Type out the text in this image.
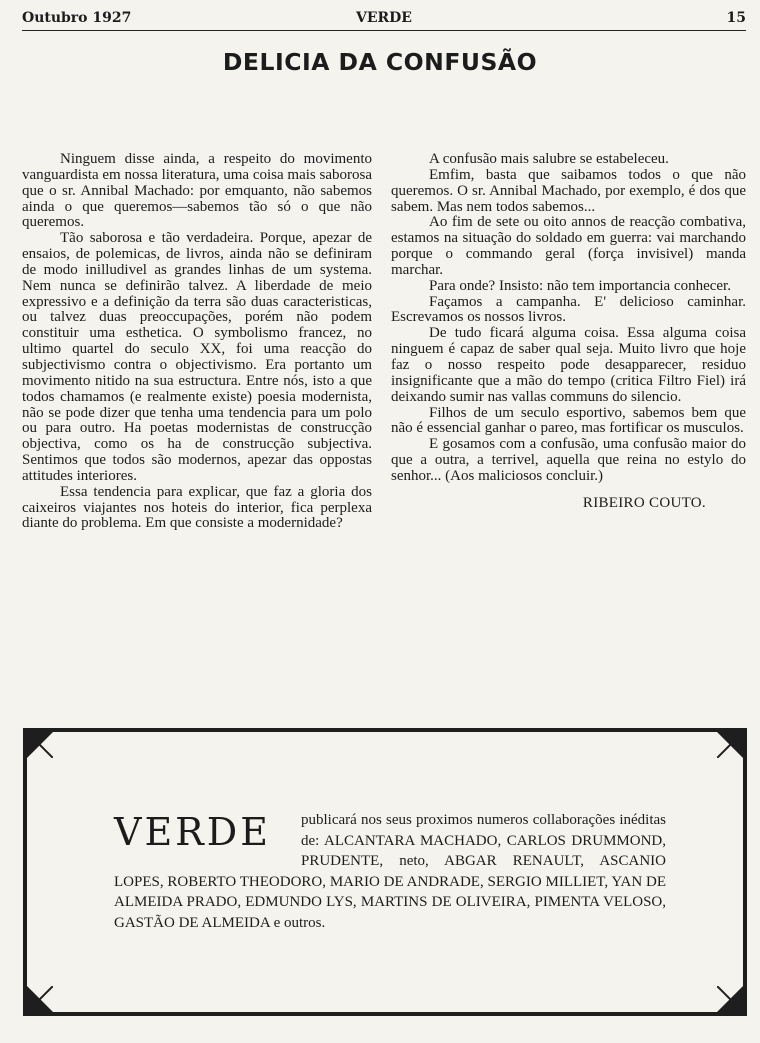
Outubro 1927	VERDE	15
DELICIA DA CONFUSÃO

Ninguem disse ainda, a respeito do movimento vanguardista em nossa literatura, uma coisa mais saborosa que o sr. Annibal Machado: por emquanto, não sabemos ainda o que queremos—sabemos tão só o que não queremos.

Tão saborosa e tão verdadeira. Porque, apezar de ensaios, de polemicas, de livros, ainda não se definiram de modo inilludivel as grandes linhas de um systema. Nem nunca se definirão talvez. A liberdade de meio expressivo e a definição da terra são duas caracteristicas, ou talvez duas preoccupações, porém não podem constituir uma esthetica. O symbolismo francez, no ultimo quartel do seculo XX, foi uma reacção do subjectivismo contra o objectivismo. Era portanto um movimento nitido na sua estructura. Entre nós, isto a que todos chamamos (e realmente existe) poesia modernista, não se pode dizer que tenha uma tendencia para um polo ou para outro. Ha poetas modernistas de construcção objectiva, como os ha de construcção subjectiva. Sentimos que todos são modernos, apezar das oppostas attitudes interiores.

Essa tendencia para explicar, que faz a gloria dos caixeiros viajantes nos hoteis do interior, fica perplexa diante do problema. Em que consiste a modernidade?

A confusão mais salubre se estabeleceu.

Emfim, basta que saibamos todos o que não queremos. O sr. Annibal Machado, por exemplo, é dos que sabem. Mas nem todos sabemos...

Ao fim de sete ou oito annos de reacção combativa, estamos na situação do soldado em guerra: vai marchando porque o commando geral (força invisivel) manda marchar.

Para onde? Insisto: não tem importancia conhecer.

Façamos a campanha. E' delicioso caminhar. Escrevamos os nossos livros.

De tudo ficará alguma coisa. Essa alguma coisa ninguem é capaz de saber qual seja. Muito livro que hoje faz o nosso respeito pode desapparecer, residuo insignificante que a mão do tempo (critica Filtro Fiel) irá deixando sumir nas vallas communs do silencio.

Filhos de um seculo esportivo, sabemos bem que não é essencial ganhar o pareo, mas fortificar os musculos.

E gosamos com a confusão, uma confusão maior do que a outra, a terrivel, aquella que reina no estylo do senhor... (Aos maliciosos concluir.)

RIBEIRO COUTO.
VERDE publicará nos seus proximos numeros collaborações inéditas de: ALCANTARA MACHADO, CARLOS DRUMMOND, PRUDENTE, neto, ABGAR RENAULT, ASCANIO LOPES, ROBERTO THEODORO, MARIO DE ANDRADE, SERGIO MILLIET, YAN DE ALMEIDA PRADO, EDMUNDO LYS, MARTINS DE OLIVEIRA, PIMENTA VELOSO, GASTÃO DE ALMEIDA e outros.
